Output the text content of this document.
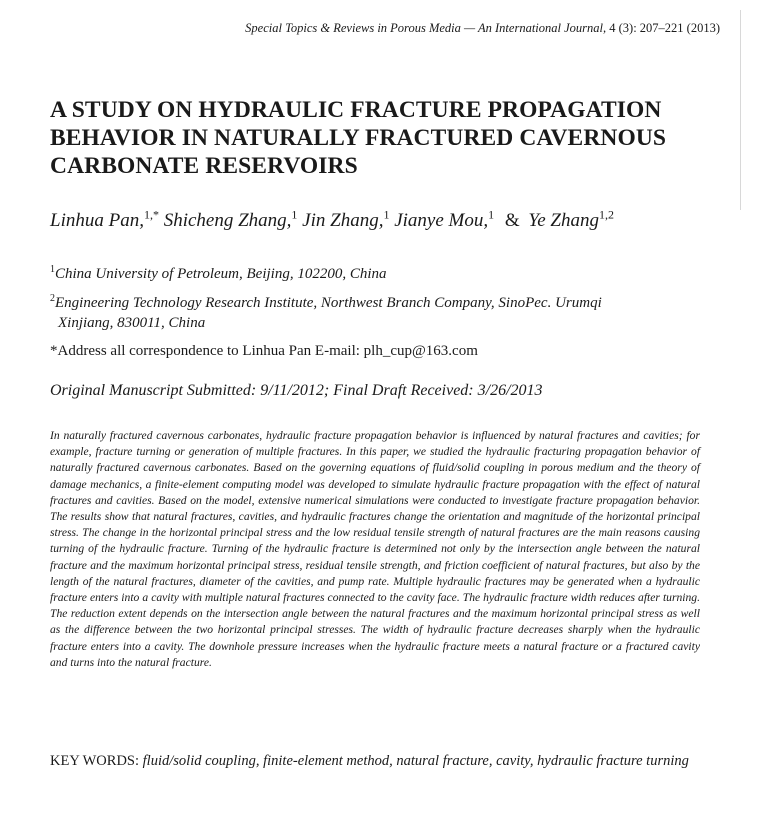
Special Topics & Reviews in Porous Media — An International Journal, 4 (3): 207–221 (2013)
A STUDY ON HYDRAULIC FRACTURE PROPAGATION BEHAVIOR IN NATURALLY FRACTURED CAVERNOUS CARBONATE RESERVOIRS
Linhua Pan,$^{1,*}$ Shicheng Zhang,$^1$ Jin Zhang,$^1$ Jianye Mou,$^1$ & Ye Zhang$^{1,2}$
$^1$China University of Petroleum, Beijing, 102200, China
$^2$Engineering Technology Research Institute, Northwest Branch Company, SinoPec. Urumqi
Xinjiang, 830011, China
*Address all correspondence to Linhua Pan E-mail: plh_cup@163.com
Original Manuscript Submitted: 9/11/2012; Final Draft Received: 3/26/2013
In naturally fractured cavernous carbonates, hydraulic fracture propagation behavior is influenced by natural fractures and cavities; for example, fracture turning or generation of multiple fractures. In this paper, we studied the hydraulic fracturing propagation behavior of naturally fractured cavernous carbonates. Based on the governing equations of fluid/solid coupling in porous medium and the theory of damage mechanics, a finite-element computing model was developed to simulate hydraulic fracture propagation with the effect of natural fractures and cavities. Based on the model, extensive numerical simulations were conducted to investigate fracture propagation behavior. The results show that natural fractures, cavities, and hydraulic fractures change the orientation and magnitude of the horizontal principal stress. The change in the horizontal principal stress and the low residual tensile strength of natural fractures are the main reasons causing turning of the hydraulic fracture. Turning of the hydraulic fracture is determined not only by the intersection angle between the natural fracture and the maximum horizontal principal stress, residual tensile strength, and friction coefficient of natural fractures, but also by the length of the natural fractures, diameter of the cavities, and pump rate. Multiple hydraulic fractures may be generated when a hydraulic fracture enters into a cavity with multiple natural fractures connected to the cavity face. The hydraulic fracture width reduces after turning. The reduction extent depends on the intersection angle between the natural fractures and the maximum horizontal principal stress as well as the difference between the two horizontal principal stresses. The width of hydraulic fracture decreases sharply when the hydraulic fracture enters into a cavity. The downhole pressure increases when the hydraulic fracture meets a natural fracture or a fractured cavity and turns into the natural fracture.
KEY WORDS: fluid/solid coupling, finite-element method, natural fracture, cavity, hydraulic fracture turning
